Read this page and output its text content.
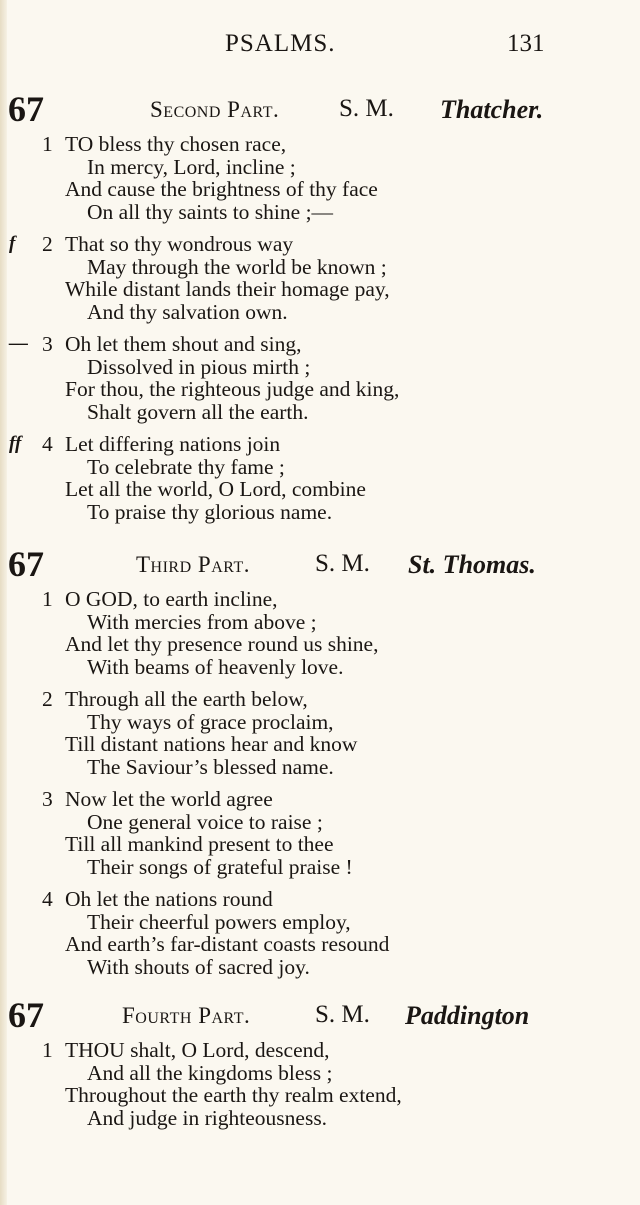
PSALMS.	131
67	Second Part. S. M. Thatcher.
1 TO bless thy chosen race,
In mercy, Lord, incline ;
And cause the brightness of thy face
On all thy saints to shine ;—
f 2 That so thy wondrous way
May through the world be known ;
While distant lands their homage pay,
And thy salvation own.
— 3 Oh let them shout and sing,
Dissolved in pious mirth ;
For thou, the righteous judge and king,
Shalt govern all the earth.
ff 4 Let differing nations join
To celebrate thy fame ;
Let all the world, O Lord, combine
To praise thy glorious name.
67	Third Part.	S. M. St. Thomas.
1 O GOD, to earth incline,
With mercies from above ;
And let thy presence round us shine,
With beams of heavenly love.
2 Through all the earth below,
Thy ways of grace proclaim,
Till distant nations hear and know
The Saviour’s blessed name.
3 Now let the world agree
One general voice to raise ;
Till all mankind present to thee
Their songs of grateful praise !
4 Oh let the nations round
Their cheerful powers employ,
And earth’s far-distant coasts resound
With shouts of sacred joy.
67	Fourth Part.	S. M. Paddington
1 THOU shalt, O Lord, descend,
And all the kingdoms bless ;
Throughout the earth thy realm extend,
And judge in righteousness.
